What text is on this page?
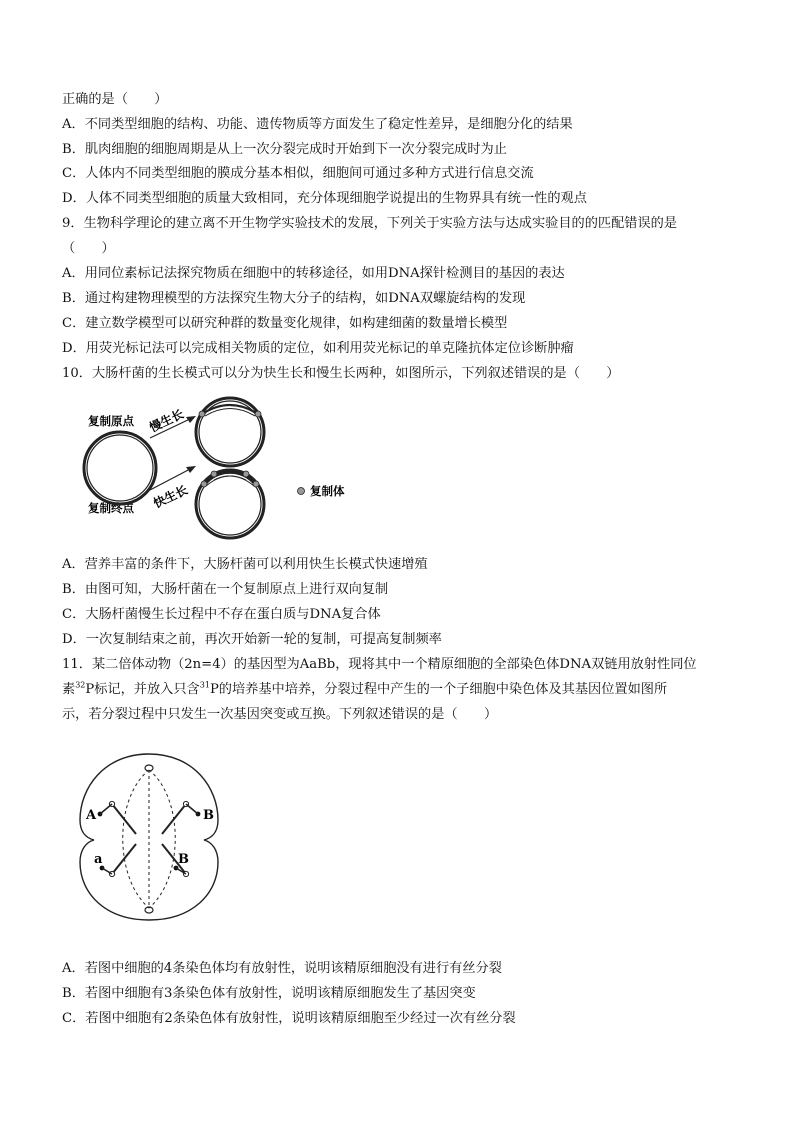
正确的是（　　）
A．不同类型细胞的结构、功能、遗传物质等方面发生了稳定性差异，是细胞分化的结果
B．肌肉细胞的细胞周期是从上一次分裂完成时开始到下一次分裂完成时为止
C．人体内不同类型细胞的膜成分基本相似，细胞间可通过多种方式进行信息交流
D．人体不同类型细胞的质量大致相同，充分体现细胞学说提出的生物界具有统一性的观点
9．生物科学理论的建立离不开生物学实验技术的发展，下列关于实验方法与达成实验目的的匹配错误的是
（　　）
A．用同位素标记法探究物质在细胞中的转移途径，如用DNA探针检测目的基因的表达
B．通过构建物理模型的方法探究生物大分子的结构，如DNA双螺旋结构的发现
C．建立数学模型可以研究种群的数量变化规律，如构建细菌的数量增长模型
D．用荧光标记法可以完成相关物质的定位，如利用荧光标记的单克隆抗体定位诊断肿瘤
10．大肠杆菌的生长模式可以分为快生长和慢生长两种，如图所示，下列叙述错误的是（　　）
复制原点
复制终点
慢生长
快生长	复制体
A．营养丰富的条件下，大肠杆菌可以利用快生长模式快速增殖
B．由图可知，大肠杆菌在一个复制原点上进行双向复制
C．大肠杆菌慢生长过程中不存在蛋白质与DNA复合体
D．一次复制结束之前，再次开始新一轮的复制，可提高复制频率
11．某二倍体动物（2n=4）的基因型为AaBb，现将其中一个精原细胞的全部染色体DNA双链用放射性同位
素$^{32}$P标记，并放入只含$^{31}$P的培养基中培养，分裂过程中产生的一个子细胞中染色体及其基因位置如图所
示，若分裂过程中只发生一次基因突变或互换。下列叙述错误的是（　　）
A	B
a	B
A．若图中细胞的4条染色体均有放射性，说明该精原细胞没有进行有丝分裂
B．若图中细胞有3条染色体有放射性，说明该精原细胞发生了基因突变
C．若图中细胞有2条染色体有放射性，说明该精原细胞至少经过一次有丝分裂
